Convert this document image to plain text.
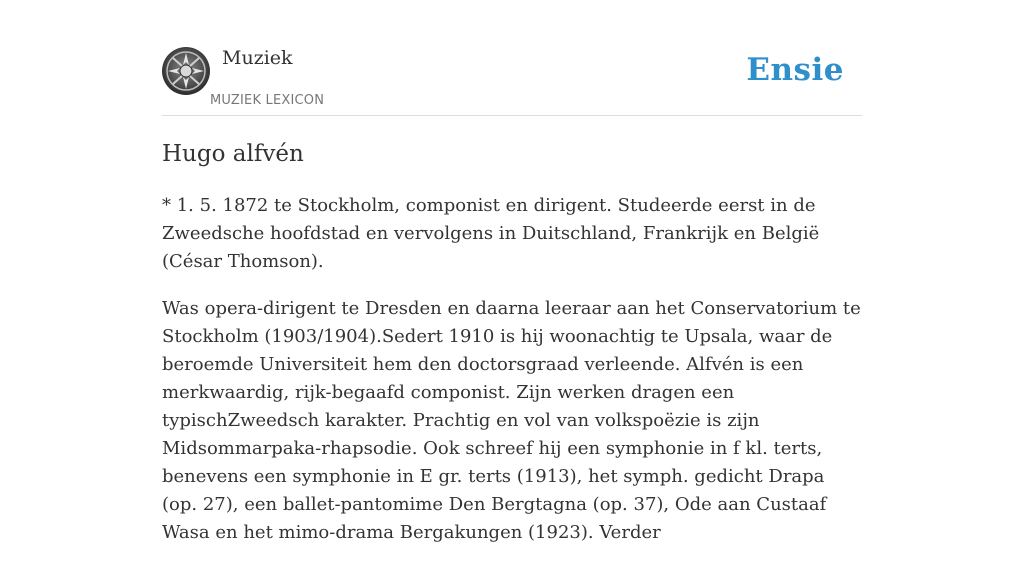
Muziek
MUZIEK LEXICON
Ensie
Hugo alfvén

* 1. 5. 1872 te Stockholm, componist en dirigent. Studeerde eerst in de Zweedsche hoofdstad en vervolgens in Duitschland, Frankrijk en België (César Thomson).

Was opera-dirigent te Dresden en daarna leeraar aan het Conservatorium te Stockholm (1903/1904).Sedert 1910 is hij woonachtig te Upsala, waar de beroemde Universiteit hem den doctorsgraad verleende. Alfvén is een merkwaardig, rijk-begaafd componist. Zijn werken dragen een typischZweedsch karakter. Prachtig en vol van volkspoëzie is zijn Midsommarpaka-rhapsodie. Ook schreef hij een symphonie in f kl. terts, benevens een symphonie in E gr. terts (1913), het symph. gedicht Drapa (op. 27), een ballet-pantomime Den Bergtagna (op. 37), Ode aan Custaaf Wasa en het mimo-drama Bergakungen (1923). Verder
